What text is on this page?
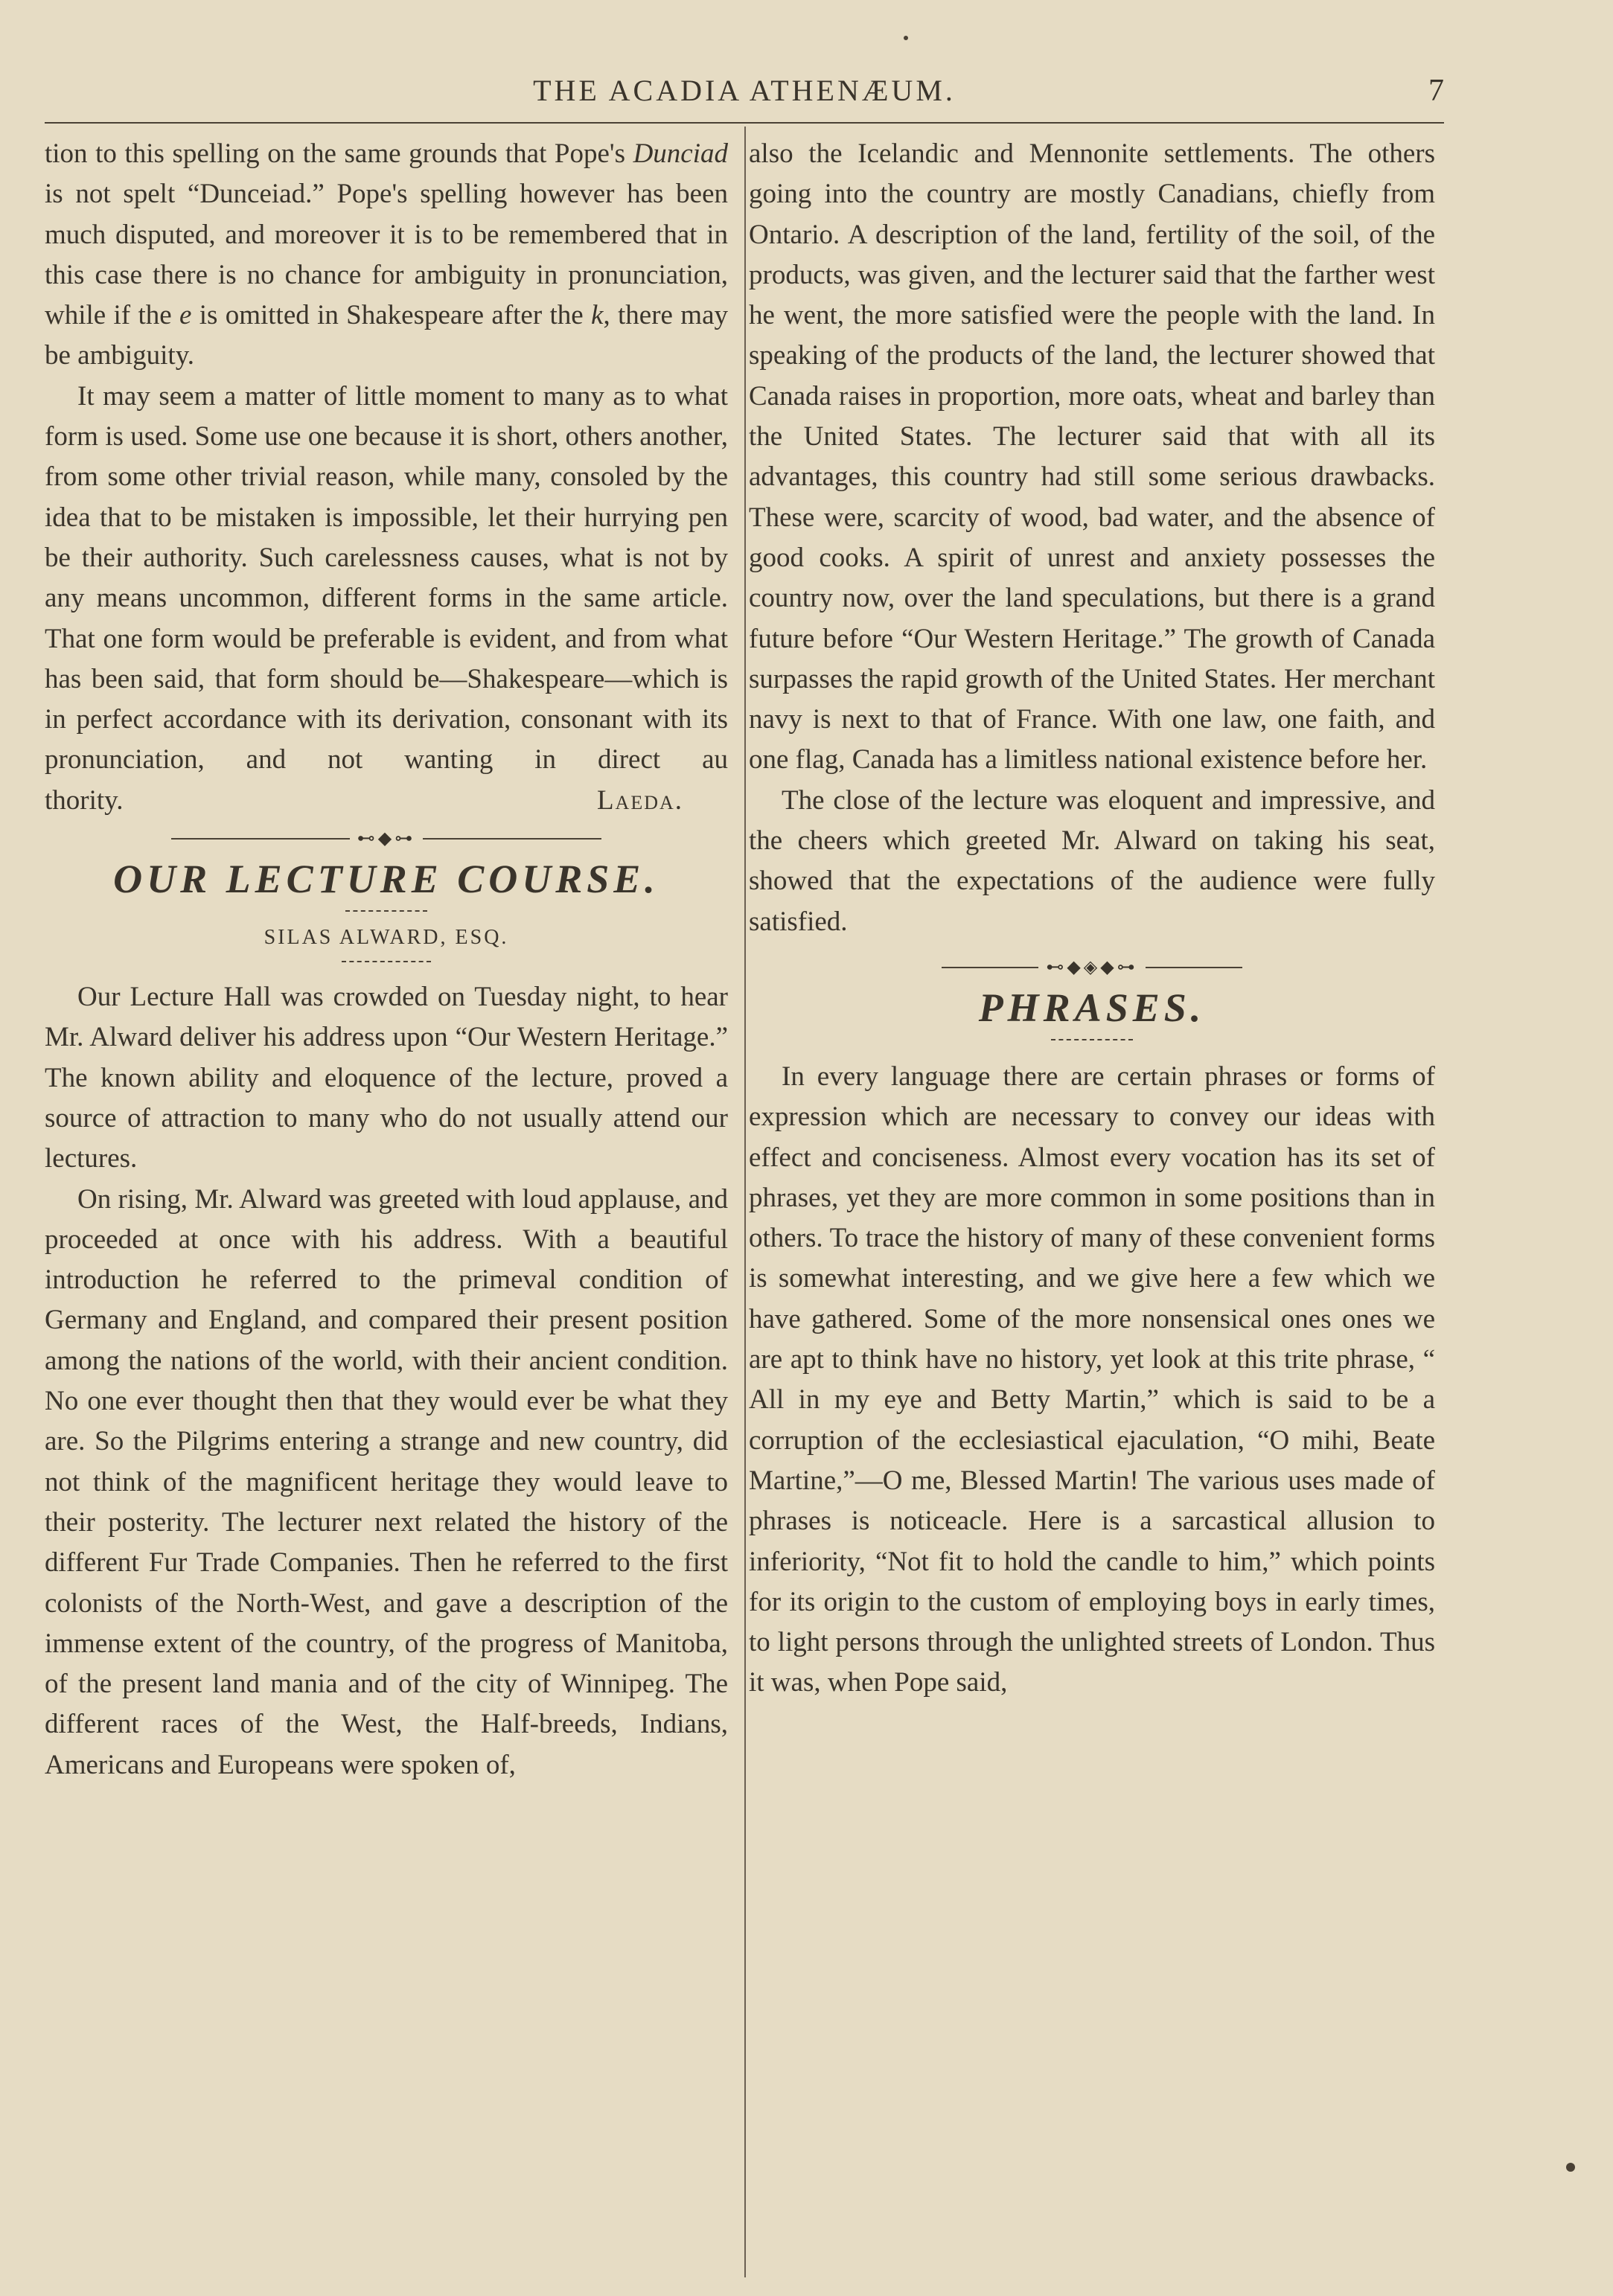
THE ACADIA ATHENÆUM.	7

tion to this spelling on the same grounds that Pope's Dunciad is not spelt “Dunceiad.” Pope's spelling however has been much disputed, and moreover it is to be remembered that in this case there is no chance for ambiguity in pronunciation, while if the e is omitted in Shakespeare after the k, there may be ambiguity.

It may seem a matter of little moment to many as to what form is used. Some use one because it is short, others another, from some other trivial reason, while many, consoled by the idea that to be mistaken is impossible, let their hurrying pen be their authority. Such carelessness causes, what is not by any means uncommon, different forms in the same article. That one form would be preferable is evident, and from what has been said, that form should be—Shakespeare—which is in perfect accordance with its derivation, consonant with its pronunciation, and not wanting in direct au

thority.	Laeda.
⊷◆⊶
OUR LECTURE COURSE.
SILAS ALWARD, ESQ.

Our Lecture Hall was crowded on Tuesday night, to hear Mr. Alward deliver his address upon “Our Western Heritage.” The known ability and eloquence of the lecture, proved a source of attraction to many who do not usually attend our lectures.

On rising, Mr. Alward was greeted with loud applause, and proceeded at once with his address. With a beautiful introduction he referred to the primeval condition of Germany and England, and compared their present position among the nations of the world, with their ancient condition. No one ever thought then that they would ever be what they are. So the Pilgrims entering a strange and new country, did not think of the magnificent heritage they would leave to their posterity. The lecturer next related the history of the different Fur Trade Companies. Then he referred to the first colonists of the North-West, and gave a description of the immense extent of the country, of the progress of Manitoba, of the present land mania and of the city of Winnipeg. The different races of the West, the Half-breeds, Indians, Americans and Europeans were spoken of,

also the Icelandic and Mennonite settlements. The others going into the country are mostly Canadians, chiefly from Ontario. A description of the land, fertility of the soil, of the products, was given, and the lecturer said that the farther west he went, the more satisfied were the people with the land. In speaking of the products of the land, the lecturer showed that Canada raises in proportion, more oats, wheat and barley than the United States. The lecturer said that with all its advantages, this country had still some serious drawbacks. These were, scarcity of wood, bad water, and the absence of good cooks. A spirit of unrest and anxiety possesses the country now, over the land speculations, but there is a grand future before “Our Western Heritage.” The growth of Canada surpasses the rapid growth of the United States. Her merchant navy is next to that of France. With one law, one faith, and one flag, Canada has a limitless national existence before her.

The close of the lecture was eloquent and impressive, and the cheers which greeted Mr. Alward on taking his seat, showed that the expectations of the audience were fully satisfied.

⊷◆◈◆⊶
PHRASES.

In every language there are certain phrases or forms of expression which are necessary to convey our ideas with effect and conciseness. Almost every vocation has its set of phrases, yet they are more common in some positions than in others. To trace the history of many of these convenient forms is somewhat interesting, and we give here a few which we have gathered. Some of the more nonsensical ones ones we are apt to think have no history, yet look at this trite phrase, “ All in my eye and Betty Martin,” which is said to be a corruption of the ecclesiastical ejaculation, “O mihi, Beate Martine,”—O me, Blessed Martin! The various uses made of phrases is noticeacle. Here is a sarcastical allusion to inferiority, “Not fit to hold the candle to him,” which points for its origin to the custom of employing boys in early times, to light persons through the unlighted streets of London. Thus it was, when Pope said,
